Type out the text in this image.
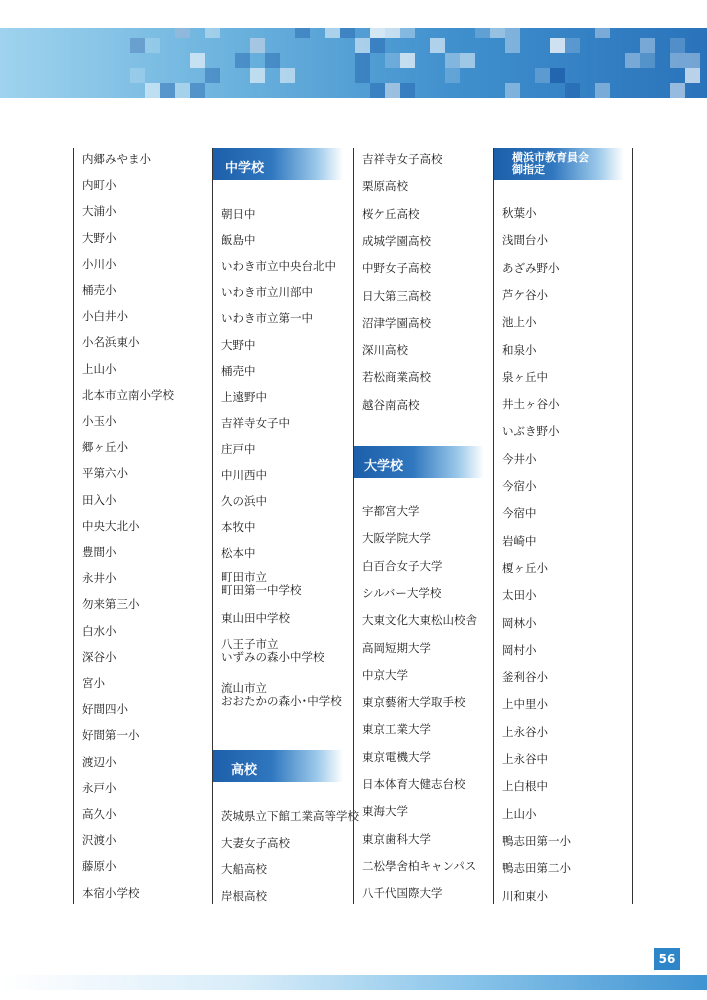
内郷みやま小
内町小
大浦小
大野小
小川小
桶売小
小白井小
小名浜東小
上山小
北本市立南小学校
小玉小
郷ヶ丘小
平第六小
田入小
中央大北小
豊間小
永井小
勿来第三小
白水小
深谷小
宮小
好間四小
好間第一小
渡辺小
永戸小
高久小
沢渡小
藤原小
本宿小学校
中学校
朝日中
飯島中
いわき市立中央台北中
いわき市立川部中
いわき市立第一中
大野中
桶売中
上遠野中
吉祥寺女子中
庄戸中
中川西中
久の浜中
本牧中
松本中
町田市立
町田第一中学校
東山田中学校
八王子市立
いずみの森小中学校
流山市立
おおたかの森小･中学校
高校
茨城県立下館工業高等学校
大妻女子高校
大船高校
岸根高校
吉祥寺女子高校
栗原高校
桜ケ丘高校
成城学園高校
中野女子高校
日大第三高校
沼津学園高校
深川高校
若松商業高校
越谷南高校
大学校
宇都宮大学
大阪学院大学
白百合女子大学
シルバー大学校
大東文化大東松山校舎
高岡短期大学
中京大学
東京藝術大学取手校
東京工業大学
東京電機大学
日本体育大健志台校
東海大学
東京歯科大学
二松學舍柏キャンパス
八千代国際大学
横浜市教育員会
御指定
秋葉小
浅間台小
あざみ野小
芦ケ谷小
池上小
和泉小
泉ヶ丘中
井土ヶ谷小
いぶき野小
今井小
今宿小
今宿中
岩崎中
榎ヶ丘小
太田小
岡林小
岡村小
釜利谷小
上中里小
上永谷小
上永谷中
上白根中
上山小
鴨志田第一小
鴨志田第二小
川和東小
56
